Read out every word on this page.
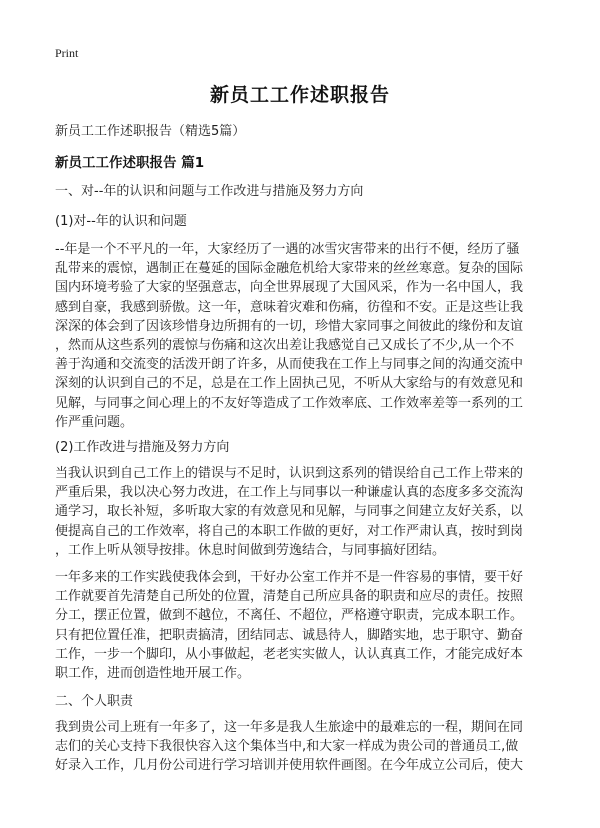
Print
新员工工作述职报告
新员工工作述职报告（精选5篇）
新员工工作述职报告 篇1
一、对--年的认识和问题与工作改进与措施及努力方向
(1)对--年的认识和问题
--年是一个不平凡的一年，大家经历了一遇的冰雪灾害带来的出行不便，经历了骚
乱带来的震惊，遇制正在蔓延的国际金融危机给大家带来的丝丝寒意。复杂的国际
国内环境考验了大家的坚强意志，向全世界展现了大国风采，作为一名中国人，我
感到自豪，我感到骄傲。这一年，意味着灾难和伤痛，彷徨和不安。正是这些让我
深深的体会到了因该珍惜身边所拥有的一切，珍惜大家同事之间彼此的缘份和友谊
，然而从这些系列的震惊与伤痛和这次出差让我感觉自己又成长了不少,从一个不
善于沟通和交流变的活泼开朗了许多，从而使我在工作上与同事之间的沟通交流中
深刻的认识到自己的不足，总是在工作上固执己见，不听从大家给与的有效意见和
见解，与同事之间心理上的不友好等造成了工作效率底、工作效率差等一系列的工
作严重问题。
(2)工作改进与措施及努力方向
当我认识到自己工作上的错误与不足时，认识到这系列的错误给自己工作上带来的
严重后果，我以决心努力改进，在工作上与同事以一种谦虚认真的态度多多交流沟
通学习，取长补短，多听取大家的有效意见和见解，与同事之间建立友好关系，以
便提高自己的工作效率，将自己的本职工作做的更好，对工作严肃认真，按时到岗
，工作上听从领导按排。休息时间做到劳逸结合，与同事搞好团结。
一年多来的工作实践使我体会到，干好办公室工作并不是一件容易的事情，要干好
工作就要首先清楚自己所处的位置，清楚自己所应具备的职责和应尽的责任。按照
分工，摆正位置，做到不越位，不离任、不超位，严格遵守职责，完成本职工作。
只有把位置任准，把职责搞清，团结同志、诚恳待人，脚踏实地，忠于职守、勤奋
工作，一步一个脚印，从小事做起，老老实实做人，认认真真工作，才能完成好本
职工作，进而创造性地开展工作。
二、个人职责
我到贵公司上班有一年多了，这一年多是我人生旅途中的最难忘的一程，期间在同
志们的关心支持下我很快容入这个集体当中,和大家一样成为贵公司的普通员工,做
好录入工作，几月份公司进行学习培训并使用软件画图。在今年成立公司后，使大
